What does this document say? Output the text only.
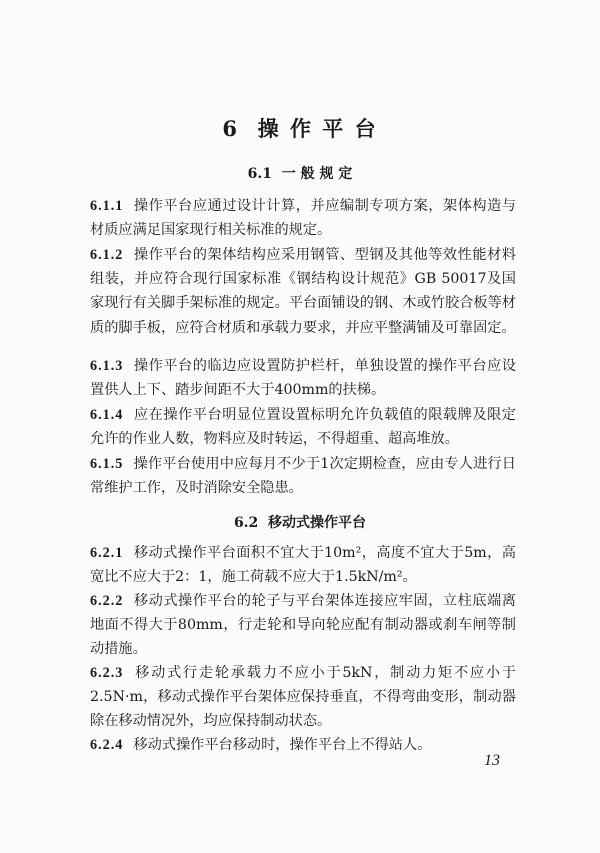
6  操 作 平 台
6.1  一 般 规 定
6.1.1 操作平台应通过设计计算，并应编制专项方案，架体构造与材质应满足国家现行相关标准的规定。
6.1.2 操作平台的架体结构应采用钢管、型钢及其他等效性能材料组装，并应符合现行国家标准《钢结构设计规范》GB 50017及国家现行有关脚手架标准的规定。平台面铺设的钢、木或竹胶合板等材质的脚手板，应符合材质和承载力要求，并应平整满铺及可靠固定。
6.1.3 操作平台的临边应设置防护栏杆，单独设置的操作平台应设置供人上下、踏步间距不大于400mm的扶梯。
6.1.4 应在操作平台明显位置设置标明允许负载值的限载牌及限定允许的作业人数，物料应及时转运，不得超重、超高堆放。
6.1.5 操作平台使用中应每月不少于1次定期检查，应由专人进行日常维护工作，及时消除安全隐患。
6.2  移动式操作平台
6.2.1 移动式操作平台面积不宜大于10m²，高度不宜大于5m，高宽比不应大于2：1，施工荷载不应大于1.5kN/m²。
6.2.2 移动式操作平台的轮子与平台架体连接应牢固，立柱底端离地面不得大于80mm，行走轮和导向轮应配有制动器或刹车闸等制动措施。
6.2.3 移动式行走轮承载力不应小于5kN，制动力矩不应小于2.5N·m，移动式操作平台架体应保持垂直，不得弯曲变形，制动器除在移动情况外，均应保持制动状态。
6.2.4 移动式操作平台移动时，操作平台上不得站人。
13
